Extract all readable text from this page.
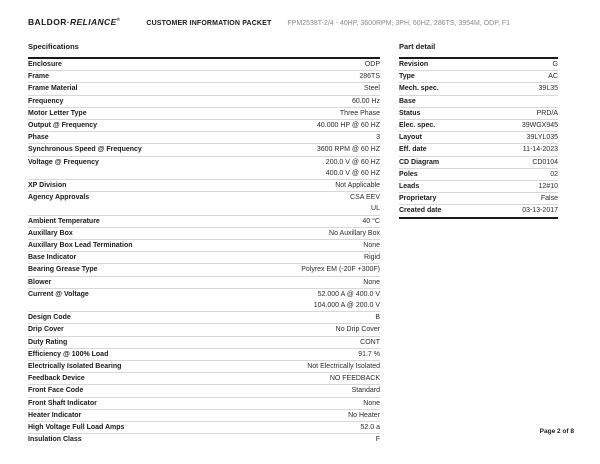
BALDOR·RELIANCE®
CUSTOMER INFORMATION PACKET FPM2538T-2/4 - 40HP, 3600RPM, 3PH, 60HZ, 286TS, 3954M, ODP, F1
Specifications
Enclosure	ODP
Frame	286TS
Frame Material	Steel
Frequency	60.00 Hz
Motor Letter Type	Three Phase
Output @ Frequency	40.000 HP @ 60 HZ
Phase	3
Synchronous Speed @ Frequency	3600 RPM @ 60 HZ
Voltage @ Frequency	200.0 V @ 60 HZ
400.0 V @ 60 HZ
XP Division	Not Applicable
Agency Approvals	CSA EEV
UL
Ambient Temperature	40 °C
Auxillary Box	No Auxillary Box
Auxillary Box Lead Termination	None
Base Indicator	Rigid
Bearing Grease Type	Polyrex EM (-20F +300F)
Blower	None
Current @ Voltage	52.000 A @ 400.0 V
104.000 A @ 200.0 V
Design Code	B
Drip Cover	No Drip Cover
Duty Rating	CONT
Efficiency @ 100% Load	91.7 %
Electrically Isolated Bearing	Not Electrically Isolated
Feedback Device	NO FEEDBACK
Front Face Code	Standard
Front Shaft Indicator	None
Heater Indicator	No Heater
High Voltage Full Load Amps	52.0 a
Insulation Class	F
Part detail
Revision	G
Type	AC
Mech. spec.	39L35
Base
Status	PRD/A
Elec. spec.	39WGX945
Layout	39LYL035
Eff. date	11-14-2023
CD Diagram	CD0104
Poles	02
Leads	12#10
Proprietary	False
Created date	03-13-2017
Page 2 of 8
